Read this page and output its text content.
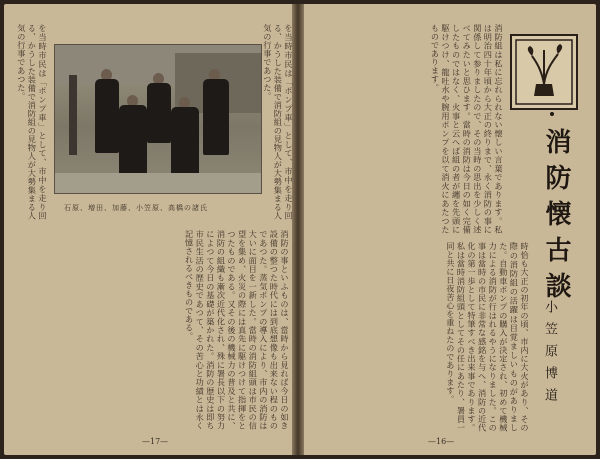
を当時市民は「ポンプ車」として、市中を走り回る、かうした装備で消防組の見物人が大勢集まる人気の行事であつた。
を当時市民は「ポンプ車」として、市中を走り回る、かうした装備で消防組の見物人が大勢集まる人気の行事であつた。
石原、増田、加藤、小笠原、高橋の諸氏
消防の事といふものは、當時から見れば今日の如き設備の整つた時代には到底想像も出来ない程のものであつた。蒸気ポンプの導入により、市内の消防は大いに面目を一新した。當時の消防組頭は市民の信望を集め、火災の際には真先に駆けつけて指揮をとつたものである。又その後の機械力の普及と共に、消防の組織も漸次近代化され、殊に署長以下の努力によつて今日の基礎が築かれた。消防の歴史は即ち市民生活の歴史であつて、その苦心と功績とは永く記憶されるべきものである。
—17—
消防懐古談
小笠原博道
消防組は私に忘れられない懐しい言葉であります。私は明治四十年頃から大正の終りまで、永く消防の事に関係して参りましたので、その当時の思出を少しく述べてみたいと思ひます。當時の消防は今日の如く完備したものではなく、火事と云へば組の者が纏を先頭に駆けつけ、龍吐水や腕用ポンプを以て消火にあたつたものであります。
時恰も大正の初年の頃、市内に大火があり、その際の消防組の活躍は目覚ましいものがありました。自動車ポンプの購入が決定され、初めて機械力による消防が行はれるやうになりました。この事は當時の市民に非常な感銘を与へ、消防の近代化の第一歩として特筆すべき出来事であります。私は當時消防組頭としてその任にあたり、署員一同と共に日夜苦心を重ねたのであります。
—16—
